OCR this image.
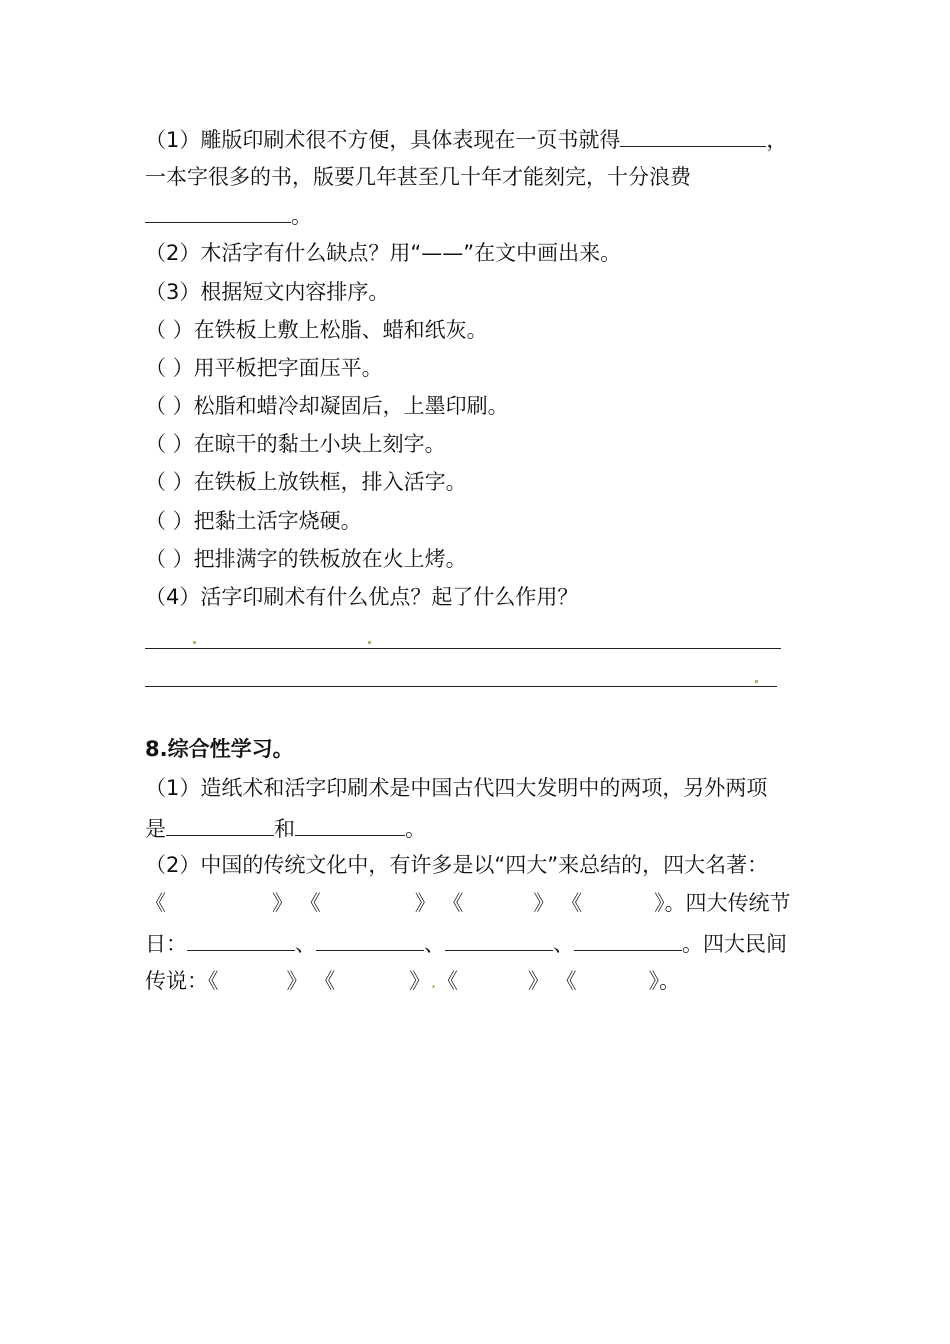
（1）雕版印刷术很不方便，具体表现在一页书就得	，
一本字很多的书，版要几年甚至几十年才能刻完，十分浪费
。
（2）木活字有什么缺点？用“——”在文中画出来。
（3）根据短文内容排序。
（ ）在铁板上敷上松脂、蜡和纸灰。
（ ）用平板把字面压平。
（ ）松脂和蜡冷却凝固后，上墨印刷。
（ ）在晾干的黏土小块上刻字。
（ ）在铁板上放铁框，排入活字。
（ ）把黏土活字烧硬。
（ ）把排满字的铁板放在火上烤。
（4）活字印刷术有什么优点？起了什么作用？
8.综合性学习。
（1）造纸术和活字印刷术是中国古代四大发明中的两项，另外两项
是	和	。
（2）中国的传统文化中，有许多是以“四大”来总结的，四大名著：
《	》 《	》 《	》 《	》。四大传统节
日：	、	、	、	。四大民间
传说：《	》 《	》.《	》 《	》。
